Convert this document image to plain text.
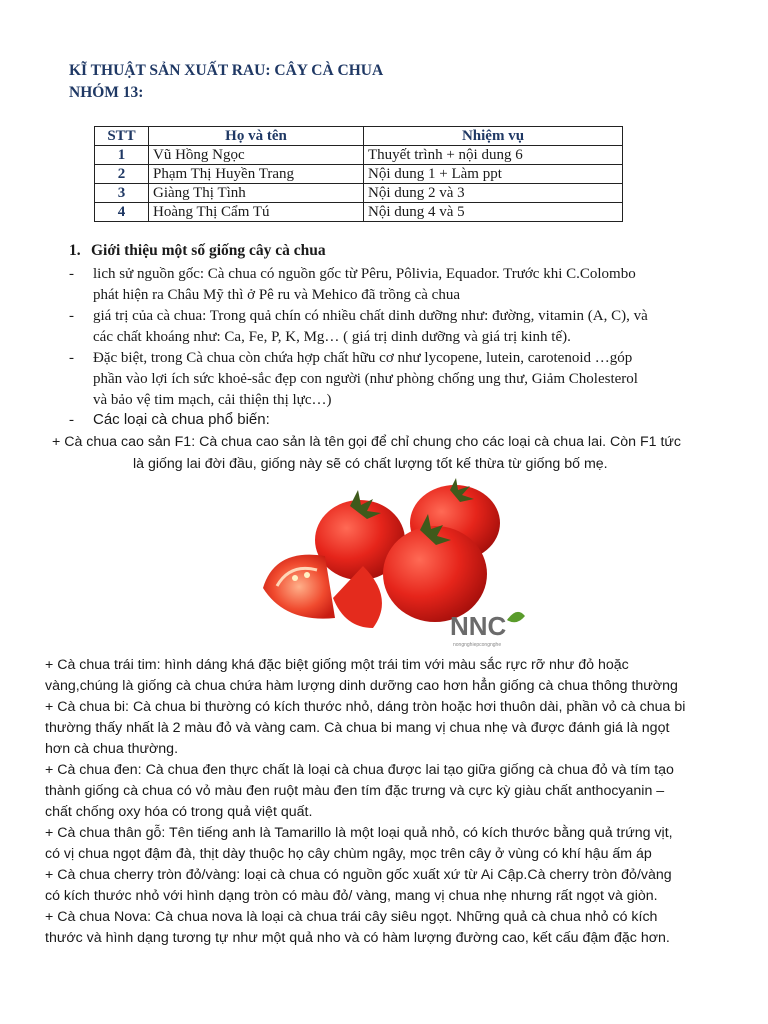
KĨ THUẬT SẢN XUẤT RAU: CÂY CÀ CHUA
NHÓM 13:
STT	Họ và tên	Nhiệm vụ
1	Vũ Hồng Ngọc	Thuyết trình + nội dung 6
2	Phạm Thị Huyền Trang	Nội dung 1 + Làm ppt
3	Giàng Thị Tình	Nội dung 2 và 3
4	Hoàng Thị Cẩm Tú	Nội dung 4 và 5
1. Giới thiệu một số giống cây cà chua
-
-
-
-
lich sử nguồn gốc: Cà chua có nguồn gốc từ Pêru, Pôlivia, Equador. Trước khi C.Colombo
phát hiện ra Châu Mỹ thì ở Pê ru và Mehico đã trồng cà chua
giá trị của cà chua: Trong quả chín có nhiều chất dinh dưỡng như: đường, vitamin (A, C), và
các chất khoáng như: Ca, Fe, P, K, Mg… ( giá trị dinh dưỡng và giá trị kinh tế).
Đặc biệt, trong Cà chua còn chứa hợp chất hữu cơ như lycopene, lutein, carotenoid …góp
phần vào lợi ích sức khoẻ-sắc đẹp con người (như phòng chống ung thư, Giảm Cholesterol
và bảo vệ tim mạch, cải thiện thị lực…)
Các loại cà chua phổ biến:
+ Cà chua cao sản F1: Cà chua cao sản là tên gọi để chỉ chung cho các loại cà chua lai. Còn F1 tức
là giống lai đời đầu, giống này sẽ có chất lượng tốt kế thừa từ giống bố mẹ.
NNC
nongnghiepcongnghe
+ Cà chua trái tim: hình dáng khá đặc biệt giống một trái tim với màu sắc rực rỡ như đỏ hoặc
vàng,chúng là giống cà chua chứa hàm lượng dinh dưỡng cao hơn hẳn giống cà chua thông thường
+ Cà chua bi: Cà chua bi thường có kích thước nhỏ, dáng tròn hoặc hơi thuôn dài, phần vỏ cà chua bi
thường thấy nhất là 2 màu đỏ và vàng cam. Cà chua bi mang vị chua nhẹ và được đánh giá là ngọt
hơn cà chua thường.
+ Cà chua đen: Cà chua đen thực chất là loại cà chua được lai tạo giữa giống cà chua đỏ và tím tạo
thành giống cà chua có vỏ màu đen ruột màu đen tím đặc trưng và cực kỳ giàu chất anthocyanin –
chất chống oxy hóa có trong quả việt quất.
+ Cà chua thân gỗ: Tên tiếng anh là Tamarillo là một loại quả nhỏ, có kích thước bằng quả trứng vịt,
có vị chua ngọt đậm đà, thịt dày thuộc họ cây chùm ngây, mọc trên cây ở vùng có khí hậu ấm áp
+ Cà chua cherry tròn đỏ/vàng: loại cà chua có nguồn gốc xuất xứ từ Ai Cập.Cà cherry tròn đỏ/vàng
có kích thước nhỏ với hình dạng tròn có màu đỏ/ vàng, mang vị chua nhẹ nhưng rất ngọt và giòn.
+ Cà chua Nova: Cà chua nova là loại cà chua trái cây siêu ngọt. Những quả cà chua nhỏ có kích
thước và hình dạng tương tự như một quả nho và có hàm lượng đường cao, kết cấu đậm đặc hơn.
